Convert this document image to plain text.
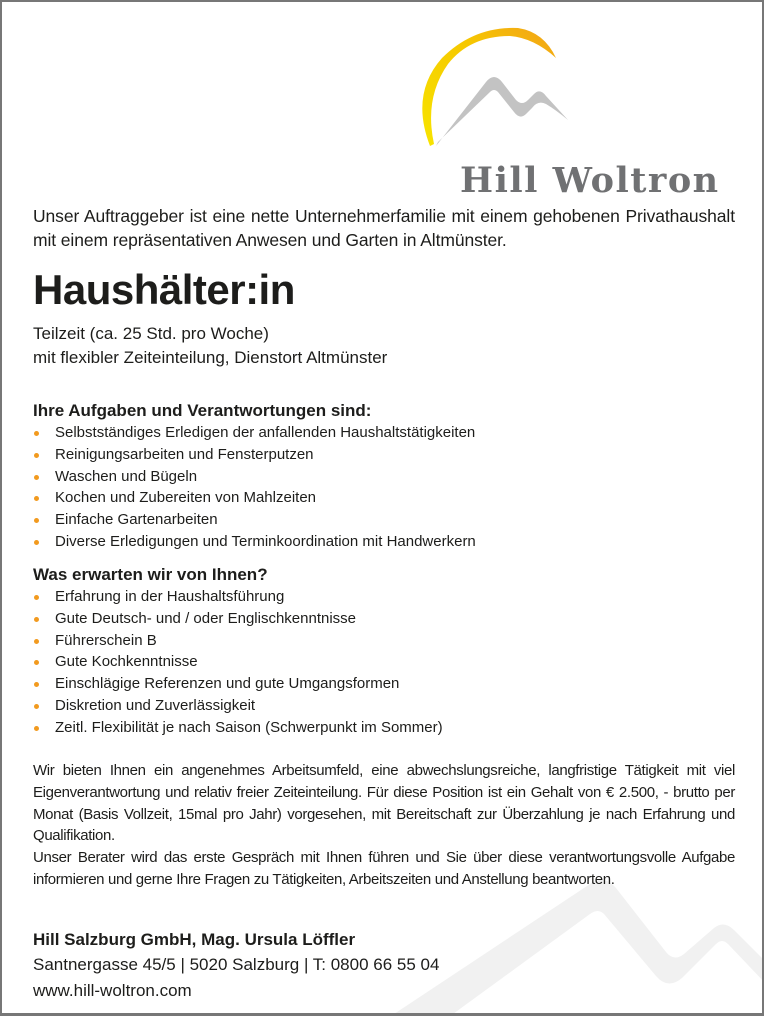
Hill Woltron
Unser Auftraggeber ist eine nette Unternehmerfamilie mit einem gehobenen Privathaushalt mit einem repräsentativen Anwesen und Garten in Altmünster.
Haushälter:in
Teilzeit (ca. 25 Std. pro Woche)
mit flexibler Zeiteinteilung, Dienstort Altmünster
Ihre Aufgaben und Verantwortungen sind:
Selbstständiges Erledigen der anfallenden Haushaltstätigkeiten
Reinigungsarbeiten und Fensterputzen
Waschen und Bügeln
Kochen und Zubereiten von Mahlzeiten
Einfache Gartenarbeiten
Diverse Erledigungen und Terminkoordination mit Handwerkern
Was erwarten wir von Ihnen?
Erfahrung in der Haushaltsführung
Gute Deutsch- und / oder Englischkenntnisse
Führerschein B
Gute Kochkenntnisse
Einschlägige Referenzen und gute Umgangsformen
Diskretion und Zuverlässigkeit
Zeitl. Flexibilität je nach Saison (Schwerpunkt im Sommer)

Wir bieten Ihnen ein angenehmes Arbeitsumfeld, eine abwechslungsreiche, langfristige Tätigkeit mit viel Eigenverantwortung und relativ freier Zeiteinteilung. Für diese Position ist ein Gehalt von € 2.500, - brutto per Monat (Basis Vollzeit, 15mal pro Jahr) vorgesehen, mit Bereitschaft zur Überzahlung je nach Erfahrung und Qualifikation.

Unser Berater wird das erste Gespräch mit Ihnen führen und Sie über diese verantwortungsvolle Aufgabe informieren und gerne Ihre Fragen zu Tätigkeiten, Arbeitszeiten und Anstellung beantworten.

Hill Salzburg GmbH, Mag. Ursula Löffler
Santnergasse 45/5 | 5020 Salzburg | T: 0800 66 55 04
www.hill-woltron.com
